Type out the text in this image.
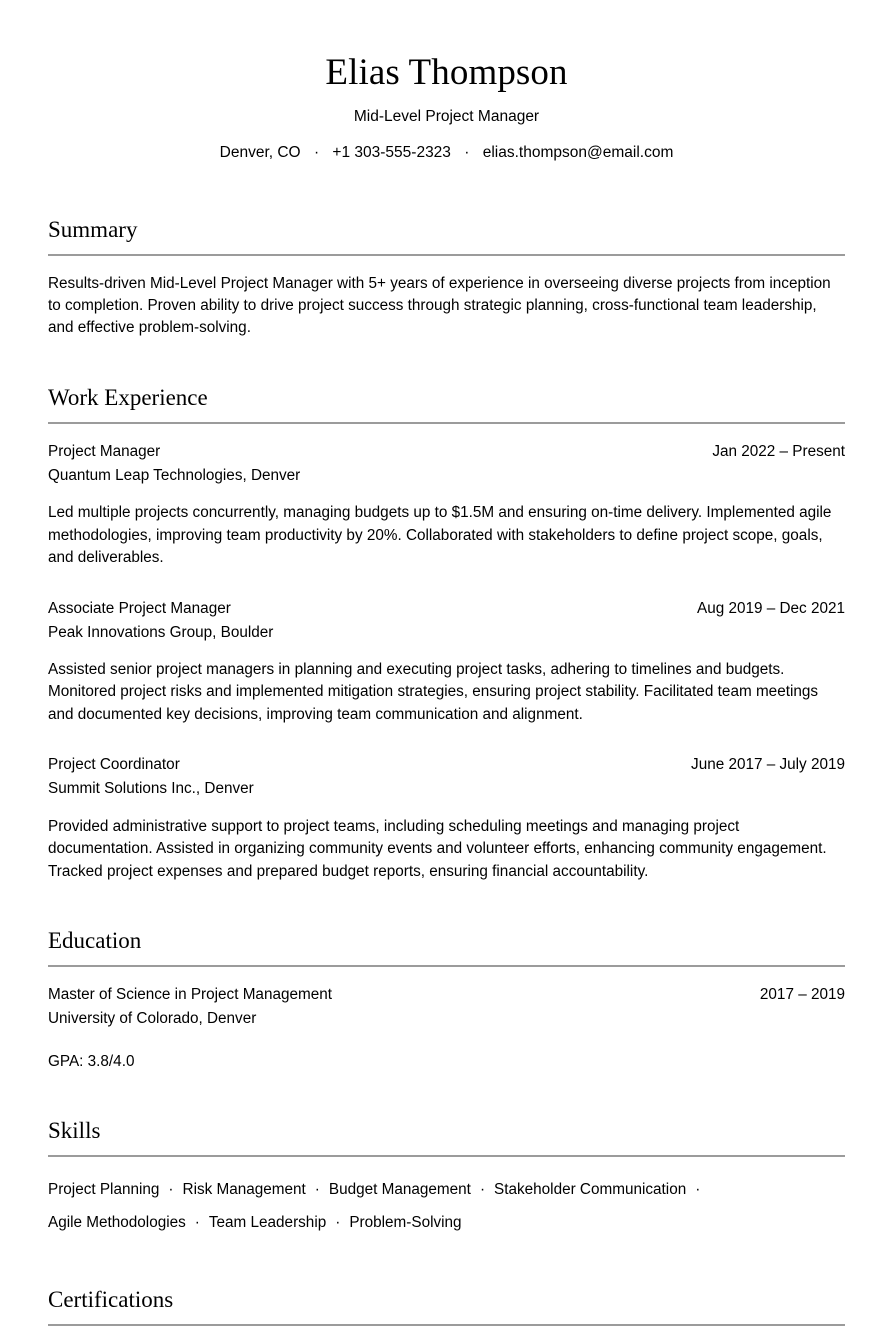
Elias Thompson
Mid-Level Project Manager
Denver, CO · +1 303-555-2323 · elias.thompson@email.com
Summary

Results-driven Mid-Level Project Manager with 5+ years of experience in overseeing diverse projects from inception to completion. Proven ability to drive project success through strategic planning, cross-functional team leadership, and effective problem-solving.

Work Experience
Project Manager	Jan 2022 – Present
Quantum Leap Technologies, Denver

Led multiple projects concurrently, managing budgets up to $1.5M and ensuring on-time delivery. Implemented agile methodologies, improving team productivity by 20%. Collaborated with stakeholders to define project scope, goals, and deliverables.

Associate Project Manager	Aug 2019 – Dec 2021
Peak Innovations Group, Boulder

Assisted senior project managers in planning and executing project tasks, adhering to timelines and budgets. Monitored project risks and implemented mitigation strategies, ensuring project stability. Facilitated team meetings and documented key decisions, improving team communication and alignment.

Project Coordinator	June 2017 – July 2019
Summit Solutions Inc., Denver

Provided administrative support to project teams, including scheduling meetings and managing project documentation. Assisted in organizing community events and volunteer efforts, enhancing community engagement. Tracked project expenses and prepared budget reports, ensuring financial accountability.

Education
Master of Science in Project Management	2017 – 2019
University of Colorado, Denver
GPA: 3.8/4.0
Skills
Project Planning · Risk Management · Budget Management · Stakeholder Communication ·Agile Methodologies · Team Leadership · Problem-Solving
Certifications
